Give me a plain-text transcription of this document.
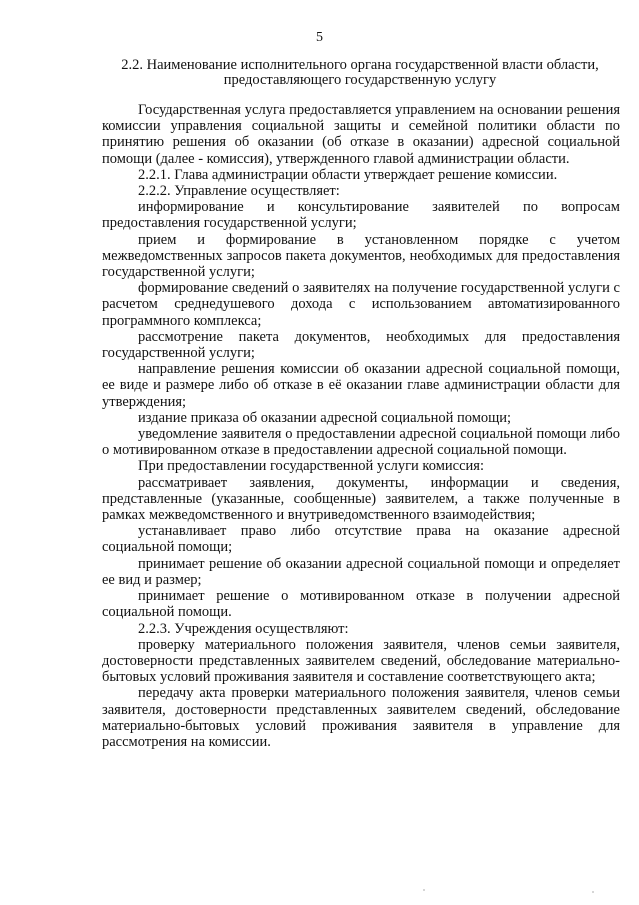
5
2.2. Наименование исполнительного органа государственной власти области, предоставляющего государственную услугу

Государственная услуга предоставляется управлением на основании решения комиссии управления социальной защиты и семейной политики области по принятию решения об оказании (об отказе в оказании) адресной социальной помощи (далее - комиссия), утвержденного главой администрации области.

2.2.1. Глава администрации области утверждает решение комиссии.

2.2.2. Управление осуществляет:

информирование и консультирование заявителей по вопросам предоставления государственной услуги;

прием и формирование в установленном порядке с учетом межведомственных запросов пакета документов, необходимых для предоставления государственной услуги;

формирование сведений о заявителях на получение государственной услуги с расчетом среднедушевого дохода с использованием автоматизированного программного комплекса;

рассмотрение пакета документов, необходимых для предоставления государственной услуги;

направление решения комиссии об оказании адресной социальной помощи, ее виде и размере либо об отказе в её оказании главе администрации области для утверждения;

издание приказа об оказании адресной социальной помощи;

уведомление заявителя о предоставлении адресной социальной помощи либо о мотивированном отказе в предоставлении адресной социальной помощи.

При предоставлении государственной услуги комиссия:

рассматривает заявления, документы, информации и сведения, представленные (указанные, сообщенные) заявителем, а также полученные в рамках межведомственного и внутриведомственного взаимодействия;

устанавливает право либо отсутствие права на оказание адресной социальной помощи;

принимает решение об оказании адресной социальной помощи и определяет ее вид и размер;

принимает решение о мотивированном отказе в получении адресной социальной помощи.

2.2.3. Учреждения осуществляют:

проверку материального положения заявителя, членов семьи заявителя, достоверности представленных заявителем сведений, обследование материально-бытовых условий проживания заявителя и составление соответствующего акта;

передачу акта проверки материального положения заявителя, членов семьи заявителя, достоверности представленных заявителем сведений, обследование материально-бытовых условий проживания заявителя в управление для рассмотрения на комиссии.
